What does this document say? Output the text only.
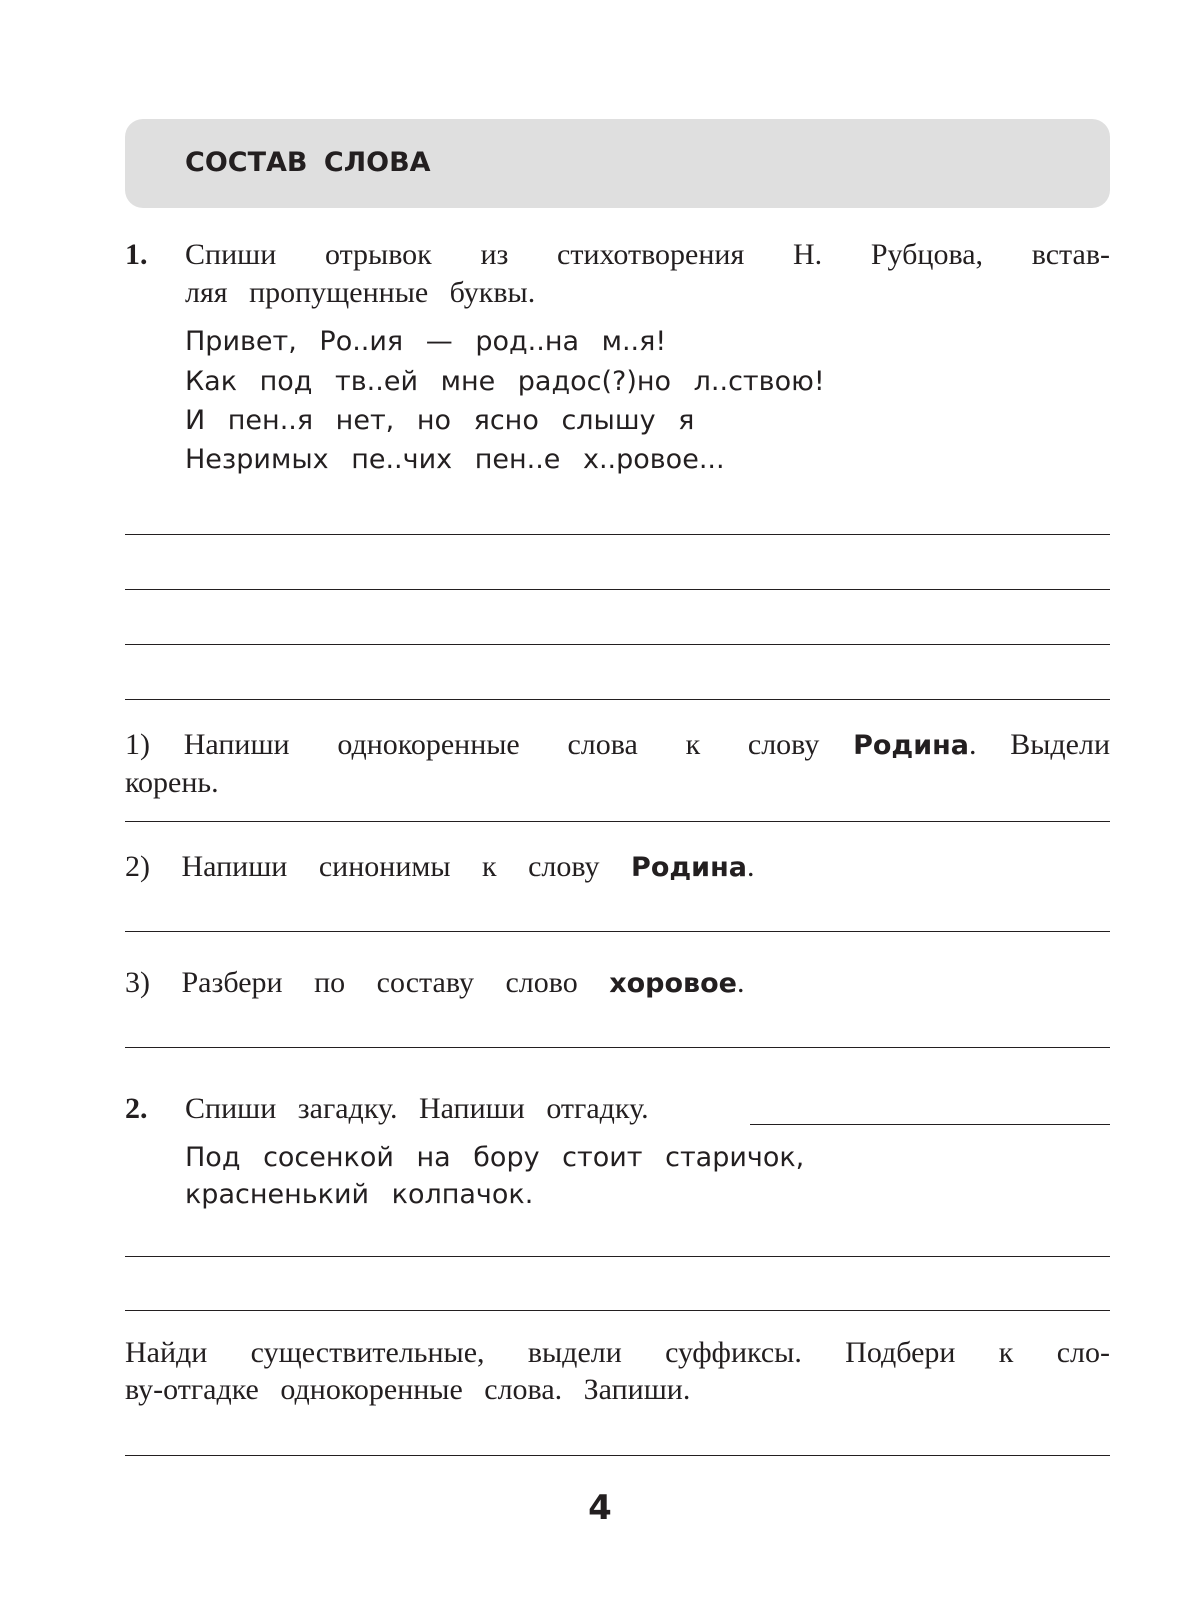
СОСТАВ СЛОВА
1. Спиши отрывок из стихотворения Н. Рубцова, встав-
ляя пропущенные буквы.
Привет, Ро..ия — род..на м..я!
Как под тв..ей мне радос(?)но л..ствою!
И пен..я нет, но ясно слышу я
Незримых пе..чих пен..е х..ровое...
1) Напиши однокоренные слова к слову Родина. Выдели
корень.
2) Напиши синонимы к слову Родина.
3) Разбери по составу слово хоровое.
2. Спиши загадку. Напиши отгадку.
Под сосенкой на бору стоит старичок,
красненький колпачок.
Найди существительные, выдели суффиксы. Подбери к сло-
ву-отгадке однокоренные слова. Запиши.
4
